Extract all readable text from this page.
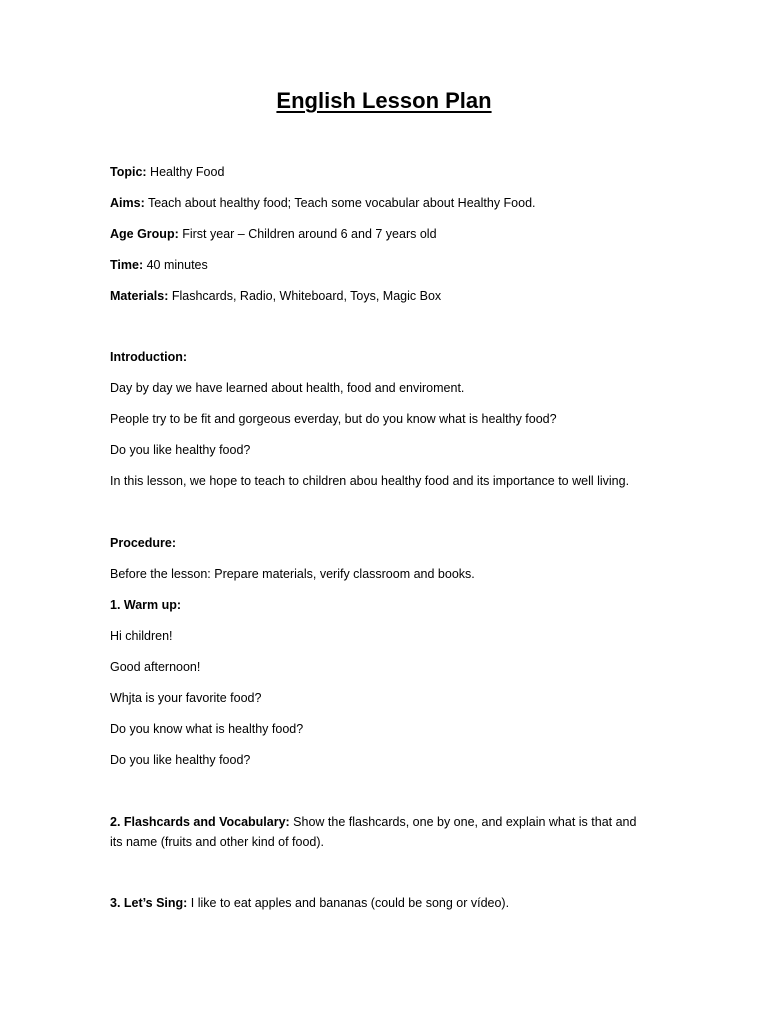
English Lesson Plan
Topic: Healthy Food
Aims: Teach about healthy food; Teach some vocabular about Healthy Food.
Age Group: First year – Children around 6 and 7 years old
Time: 40 minutes
Materials: Flashcards, Radio, Whiteboard, Toys, Magic Box
Introduction:
Day by day we have learned about health, food and enviroment.
People try to be fit and gorgeous everday, but do you know what is healthy food?
Do you like healthy food?
In this lesson, we hope to teach to children abou healthy food and its importance to well living.
Procedure:
Before the lesson: Prepare materials, verify classroom and books.
1. Warm up:
Hi children!
Good afternoon!
Whjta is your favorite food?
Do you know what is healthy food?
Do you like healthy food?
2. Flashcards and Vocabulary: Show the flashcards, one by one, and explain what is that and its name (fruits and other kind of food).
3. Let’s Sing: I like to eat apples and bananas (could be song or vídeo).
